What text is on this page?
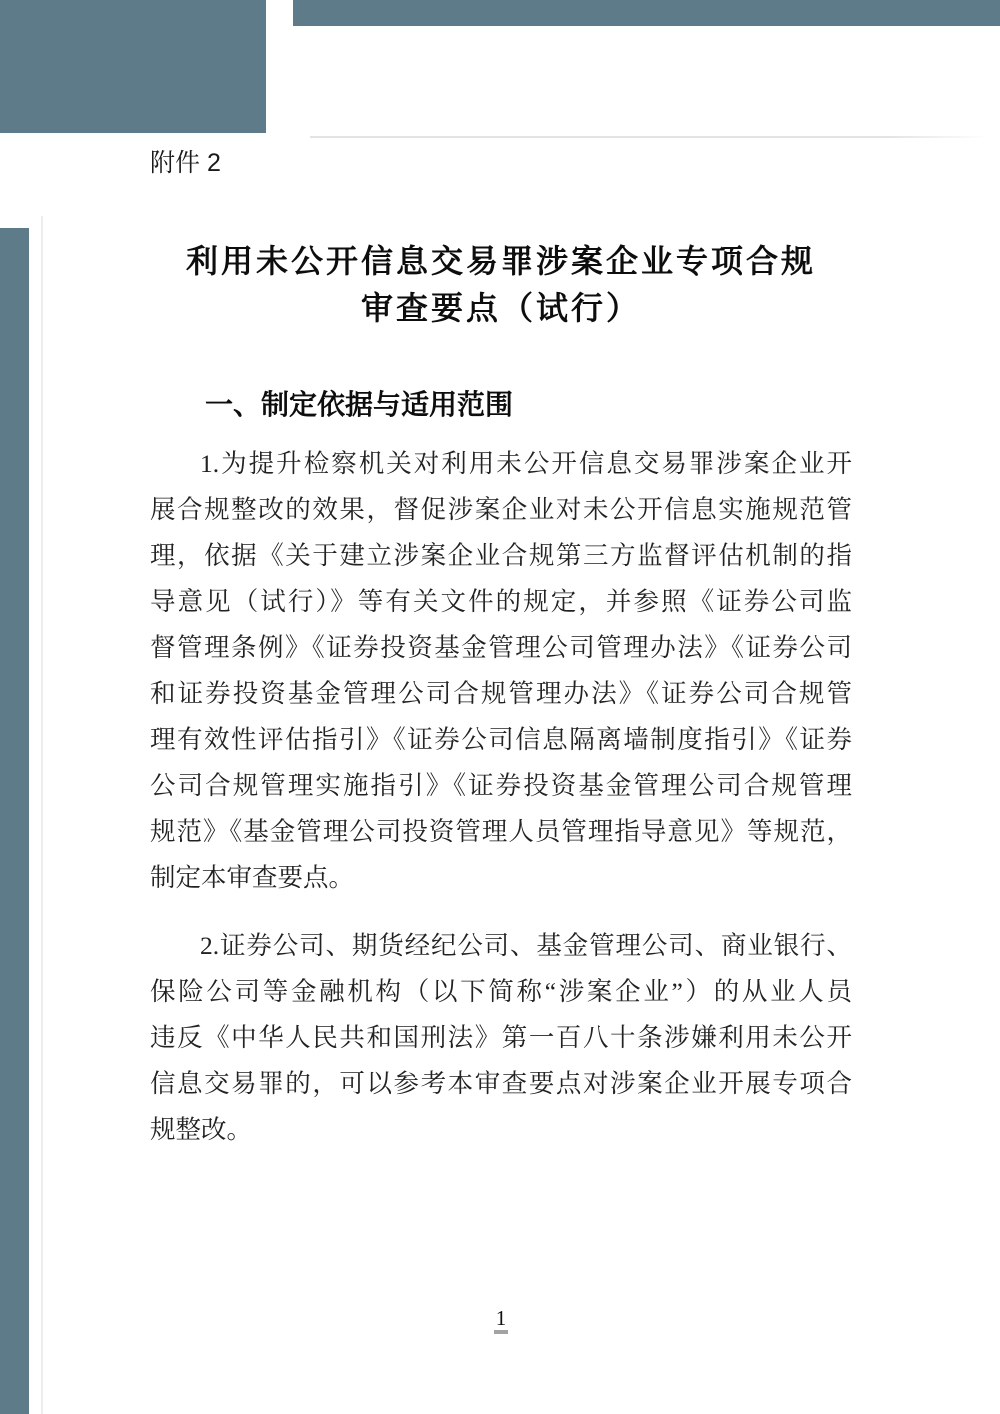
附件 2
利用未公开信息交易罪涉案企业专项合规
审查要点（试行）
一、制定依据与适用范围
1.为提升检察机关对利用未公开信息交易罪涉案企业开
展合规整改的效果，督促涉案企业对未公开信息实施规范管
理，依据《关于建立涉案企业合规第三方监督评估机制的指
导意见（试行）》等有关文件的规定，并参照《证券公司监
督管理条例》《证券投资基金管理公司管理办法》《证券公司
和证券投资基金管理公司合规管理办法》《证券公司合规管
理有效性评估指引》《证券公司信息隔离墙制度指引》《证券
公司合规管理实施指引》《证券投资基金管理公司合规管理
规范》《基金管理公司投资管理人员管理指导意见》等规范，
制定本审查要点。
2.证券公司、期货经纪公司、基金管理公司、商业银行、
保险公司等金融机构（以下简称“涉案企业”）的从业人员
违反《中华人民共和国刑法》第一百八十条涉嫌利用未公开
信息交易罪的，可以参考本审查要点对涉案企业开展专项合
规整改。
1
